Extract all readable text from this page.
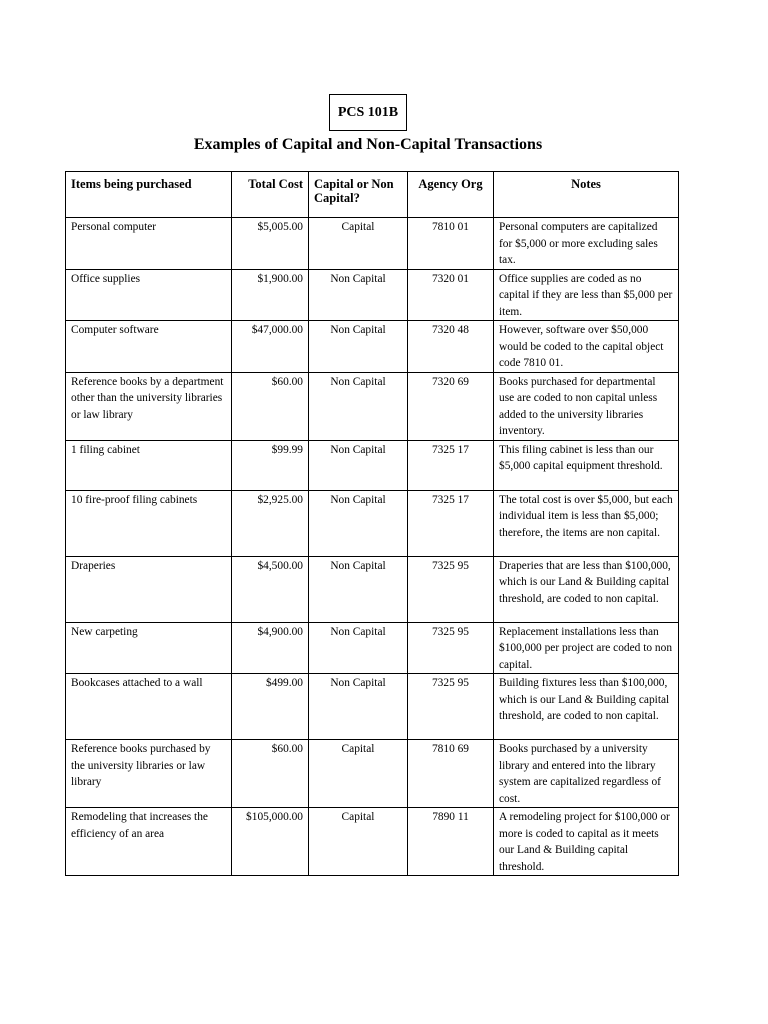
PCS 101B
Examples of Capital and Non-Capital Transactions
Items being purchased	Total Cost	Capital or Non Capital?	Agency Org	Notes
Personal computer	$5,005.00	Capital	7810 01	Personal computers are capitalized for $5,000 or more excluding sales tax.
Office supplies	$1,900.00	Non Capital	7320 01	Office supplies are coded as no capital if they are less than $5,000 per item.
Computer software	$47,000.00	Non Capital	7320 48	However, software over $50,000 would be coded to the capital object code 7810 01.
Reference books by a department other than the university libraries or law library	$60.00	Non Capital	7320 69	Books purchased for departmental use are coded to non capital unless added to the university libraries inventory.
1 filing cabinet	$99.99	Non Capital	7325 17	This filing cabinet is less than our $5,000 capital equipment threshold.
10 fire-proof filing cabinets	$2,925.00	Non Capital	7325 17	The total cost is over $5,000, but each individual item is less than $5,000; therefore, the items are non capital.
Draperies	$4,500.00	Non Capital	7325 95	Draperies that are less than $100,000, which is our Land & Building capital threshold, are coded to non capital.
New carpeting	$4,900.00	Non Capital	7325 95	Replacement installations less than $100,000 per project are coded to non capital.
Bookcases attached to a wall	$499.00	Non Capital	7325 95	Building fixtures less than $100,000, which is our Land & Building capital threshold, are coded to non capital.
Reference books purchased by the university libraries or law library	$60.00	Capital	7810 69	Books purchased by a university library and entered into the library system are capitalized regardless of cost.
Remodeling that increases the efficiency of an area	$105,000.00	Capital	7890 11	A remodeling project for $100,000 or more is coded to capital as it meets our Land & Building capital threshold.
